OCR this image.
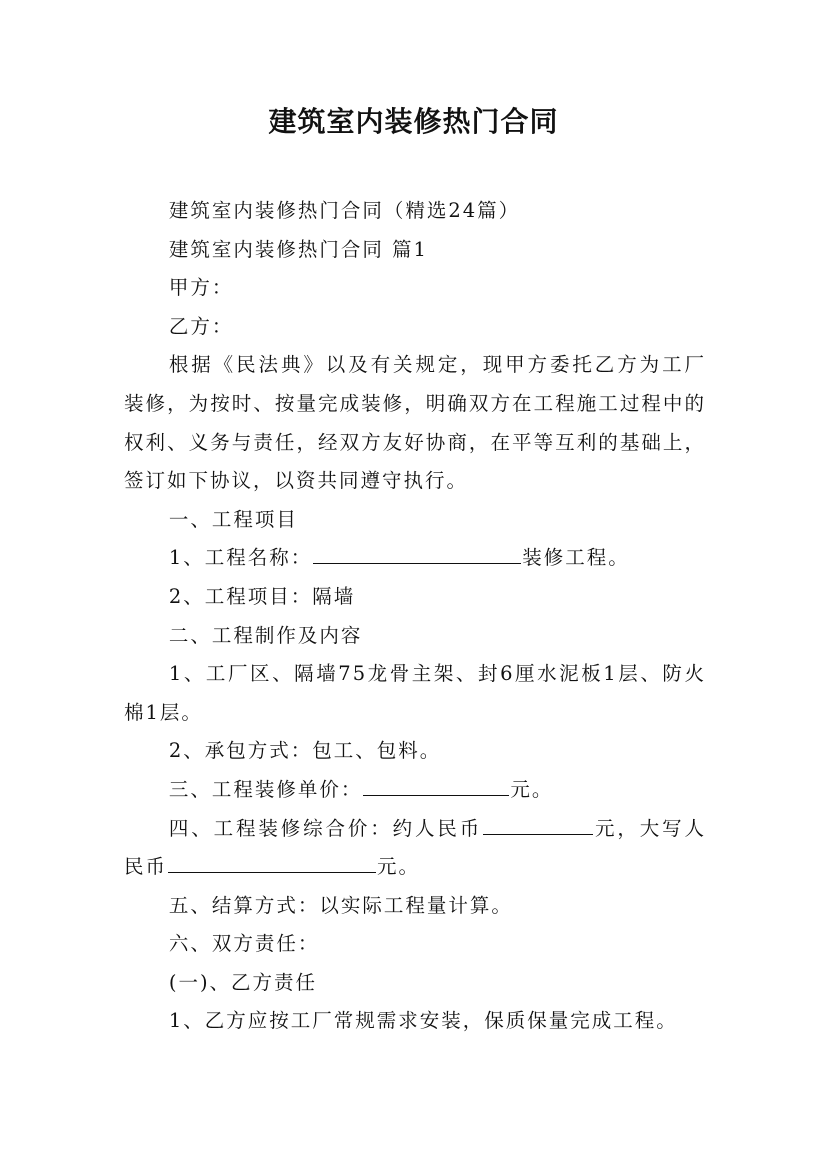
建筑室内装修热门合同

建筑室内装修热门合同（精选24篇）

建筑室内装修热门合同 篇1

甲方：

乙方：

根据《民法典》以及有关规定，现甲方委托乙方为工厂装修，为按时、按量完成装修，明确双方在工程施工过程中的权利、义务与责任，经双方友好协商，在平等互利的基础上，签订如下协议，以资共同遵守执行。

一、工程项目

1、工程名称：	装修工程。

2、工程项目：隔墙

二、工程制作及内容

1、工厂区、隔墙75龙骨主架、封6厘水泥板1层、防火棉1层。

2、承包方式：包工、包料。

三、工程装修单价：	元。

四、工程装修综合价：约人民币	元，大写人民币	元。

五、结算方式：以实际工程量计算。

六、双方责任：

(一)、乙方责任

1、乙方应按工厂常规需求安装，保质保量完成工程。
